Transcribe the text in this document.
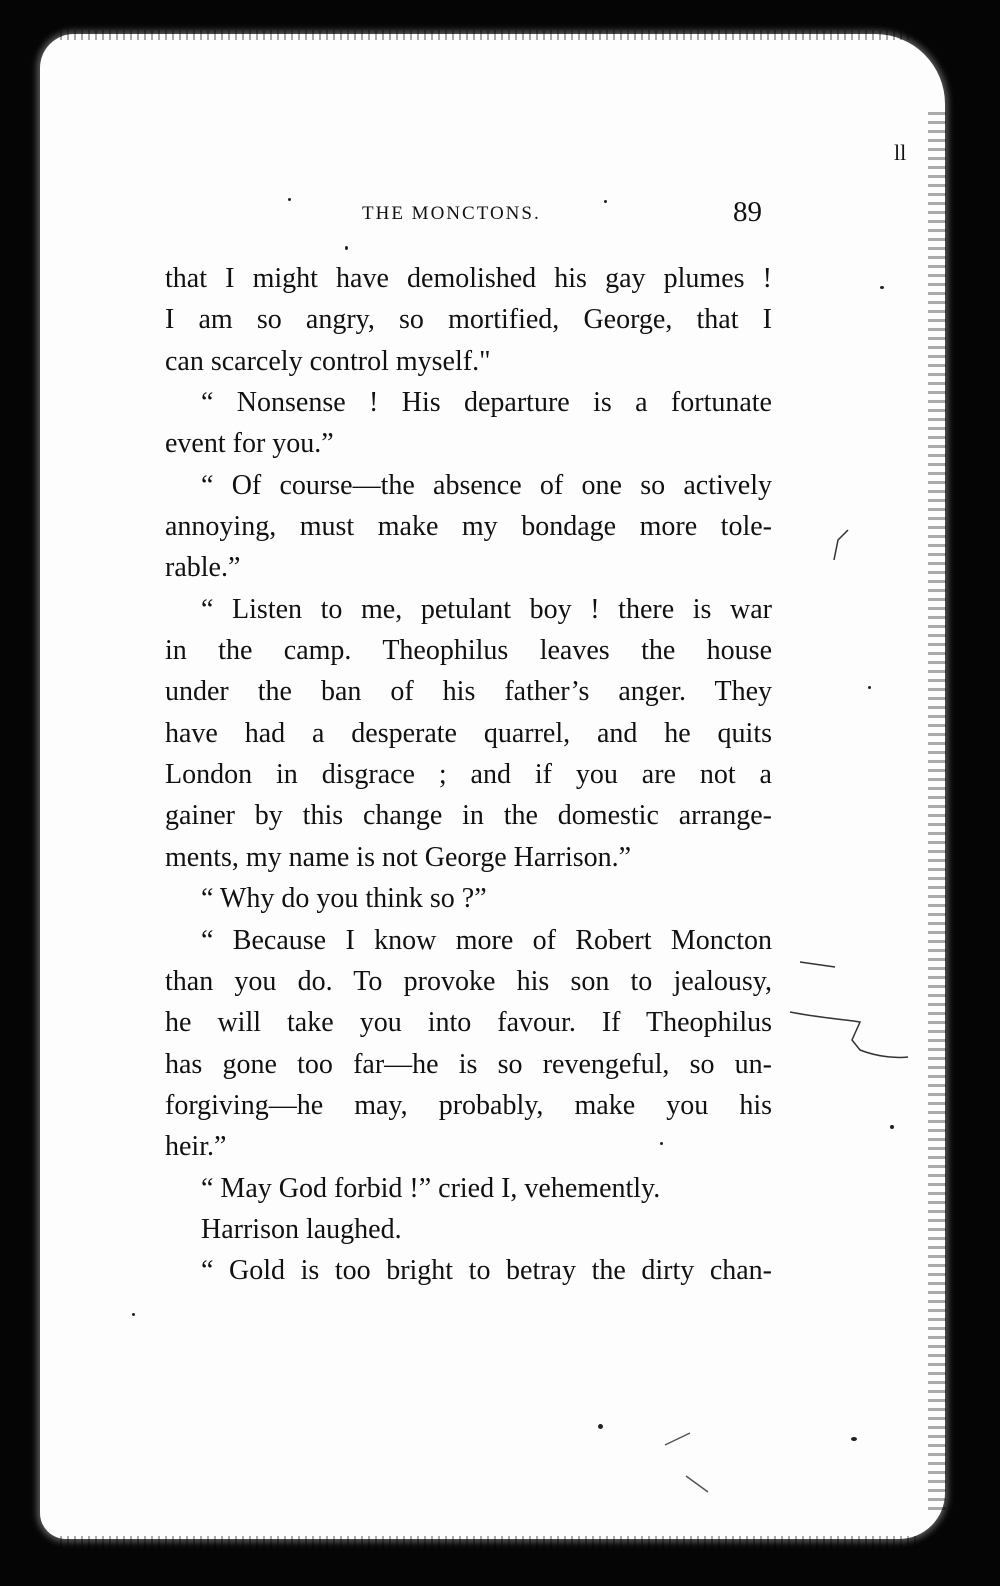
THE MONCTONS.	89
ll
that I might have demolished his gay plumes !
I am so angry, so mortified, George, that I
can scarcely control myself."
“ Nonsense ! His departure is a fortunate
event for you.”
“ Of course—the absence of one so actively
annoying, must make my bondage more tole-
rable.”
“ Listen to me, petulant boy ! there is war
in the camp. Theophilus leaves the house
under the ban of his father’s anger. They
have had a desperate quarrel, and he quits
London in disgrace ; and if you are not a
gainer by this change in the domestic arrange-
ments, my name is not George Harrison.”
“ Why do you think so ?”
“ Because I know more of Robert Moncton
than you do. To provoke his son to jealousy,
he will take you into favour. If Theophilus
has gone too far—he is so revengeful, so un-
forgiving—he may, probably, make you his
heir.”
“ May God forbid !” cried I, vehemently.
Harrison laughed.
“ Gold is too bright to betray the dirty chan-
